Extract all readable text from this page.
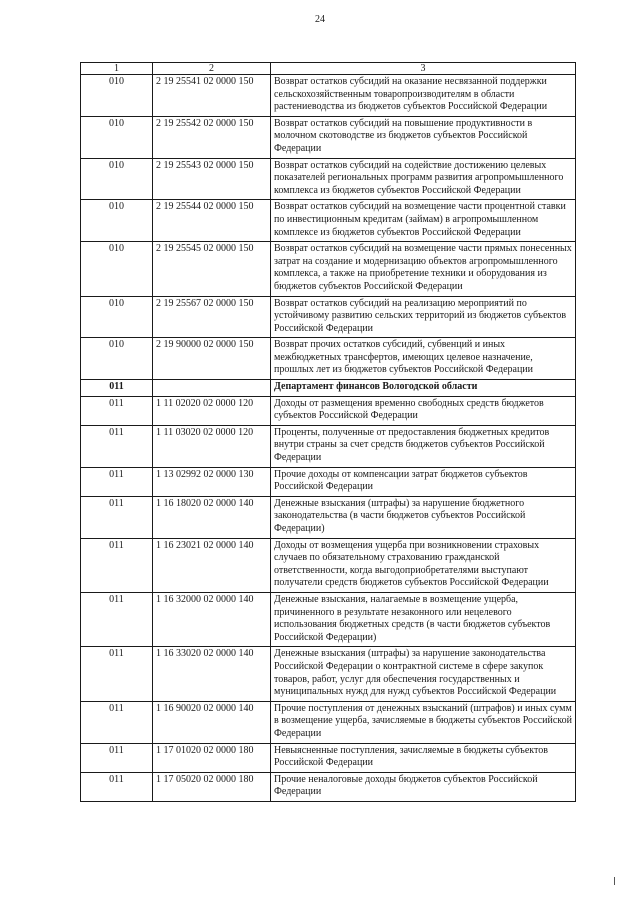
24
1	2	3
010	2 19 25541 02 0000 150	Возврат остатков субсидий на оказание несвязанной поддержки сельскохозяйственным товаропроизводителям в области растениеводства из бюджетов субъектов Российской Федерации
010	2 19 25542 02 0000 150	Возврат остатков субсидий на повышение продуктивности в молочном скотоводстве из бюджетов субъектов Российской Федерации
010	2 19 25543 02 0000 150	Возврат остатков субсидий на содействие достижению целевых показателей региональных программ развития агропромышленного комплекса из бюджетов субъектов Российской Федерации
010	2 19 25544 02 0000 150	Возврат остатков субсидий на возмещение части процентной ставки по инвестиционным кредитам (займам) в агропромышленном комплексе из бюджетов субъектов Российской Федерации
010	2 19 25545 02 0000 150	Возврат остатков субсидий на возмещение части прямых понесенных затрат на создание и модернизацию объектов агропромышленного комплекса, а также на приобретение техники и оборудования из бюджетов субъектов Российской Федерации
010	2 19 25567 02 0000 150	Возврат остатков субсидий на реализацию мероприятий по устойчивому развитию сельских территорий из бюджетов субъектов Российской Федерации
010	2 19 90000 02 0000 150	Возврат прочих остатков субсидий, субвенций и иных межбюджетных трансфертов, имеющих целевое назначение, прошлых лет из бюджетов субъектов Российской Федерации
011		Департамент финансов Вологодской области
011	1 11 02020 02 0000 120	Доходы от размещения временно свободных средств бюджетов субъектов Российской Федерации
011	1 11 03020 02 0000 120	Проценты, полученные от предоставления бюджетных кредитов внутри страны за счет средств бюджетов субъектов Российской Федерации
011	1 13 02992 02 0000 130	Прочие доходы от компенсации затрат бюджетов субъектов Российской Федерации
011	1 16 18020 02 0000 140	Денежные взыскания (штрафы) за нарушение бюджетного законодательства (в части бюджетов субъектов Российской Федерации)
011	1 16 23021 02 0000 140	Доходы от возмещения ущерба при возникновении страховых случаев по обязательному страхованию гражданской ответственности, когда выгодоприобретателями выступают получатели средств бюджетов субъектов Российской Федерации
011	1 16 32000 02 0000 140	Денежные взыскания, налагаемые в возмещение ущерба, причиненного в результате незаконного или нецелевого использования бюджетных средств (в части бюджетов субъектов Российской Федерации)
011	1 16 33020 02 0000 140	Денежные взыскания (штрафы) за нарушение законодательства Российской Федерации о контрактной системе в сфере закупок товаров, работ, услуг для обеспечения государственных и муниципальных нужд для нужд субъектов Российской Федерации
011	1 16 90020 02 0000 140	Прочие поступления от денежных взысканий (штрафов) и иных сумм в возмещение ущерба, зачисляемые в бюджеты субъектов Российской Федерации
011	1 17 01020 02 0000 180	Невыясненные поступления, зачисляемые в бюджеты субъектов Российской Федерации
011	1 17 05020 02 0000 180	Прочие неналоговые доходы бюджетов субъектов Российской Федерации
